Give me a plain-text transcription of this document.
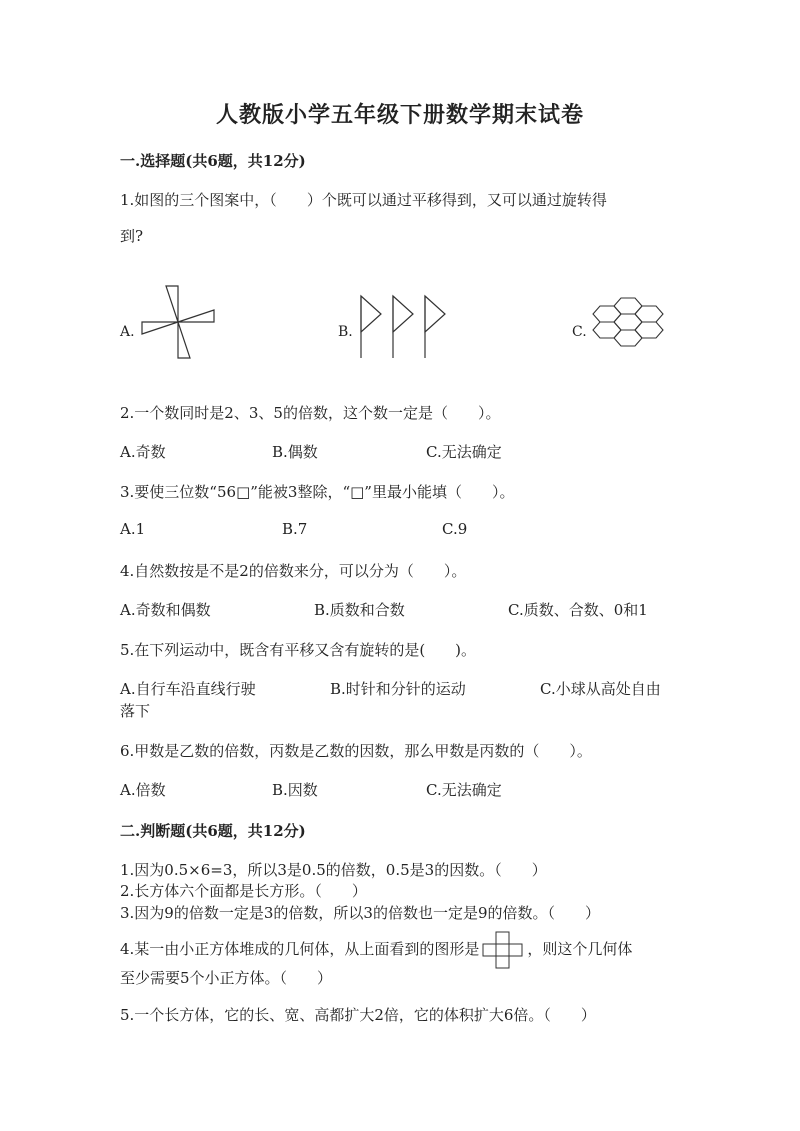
人教版小学五年级下册数学期末试卷
一.选择题(共6题，共12分)
1.如图的三个图案中，（　　）个既可以通过平移得到，又可以通过旋转得
到?
A.	B.	C.
2.一个数同时是2、3、5的倍数，这个数一定是（　　）。
A.奇数	B.偶数	C.无法确定
3.要使三位数“56□”能被3整除，“□”里最小能填（　　）。
A.1	B.7	C.9
4.自然数按是不是2的倍数来分，可以分为（　　）。
A.奇数和偶数	B.质数和合数	C.质数、合数、0和1
5.在下列运动中，既含有平移又含有旋转的是(　　)。
A.自行车沿直线行驶	B.时针和分针的运动	C.小球从高处自由
落下
6.甲数是乙数的倍数，丙数是乙数的因数，那么甲数是丙数的（　　）。
A.倍数	B.因数	C.无法确定
二.判断题(共6题，共12分)
1.因为0.5×6=3，所以3是0.5的倍数，0.5是3的因数。（　　）
2.长方体六个面都是长方形。（　　）
3.因为9的倍数一定是3的倍数，所以3的倍数也一定是9的倍数。（　　）
4.某一由小正方体堆成的几何体，从上面看到的图形是	，则这个几何体
至少需要5个小正方体。（　　）
5.一个长方体，它的长、宽、高都扩大2倍，它的体积扩大6倍。（　　）
